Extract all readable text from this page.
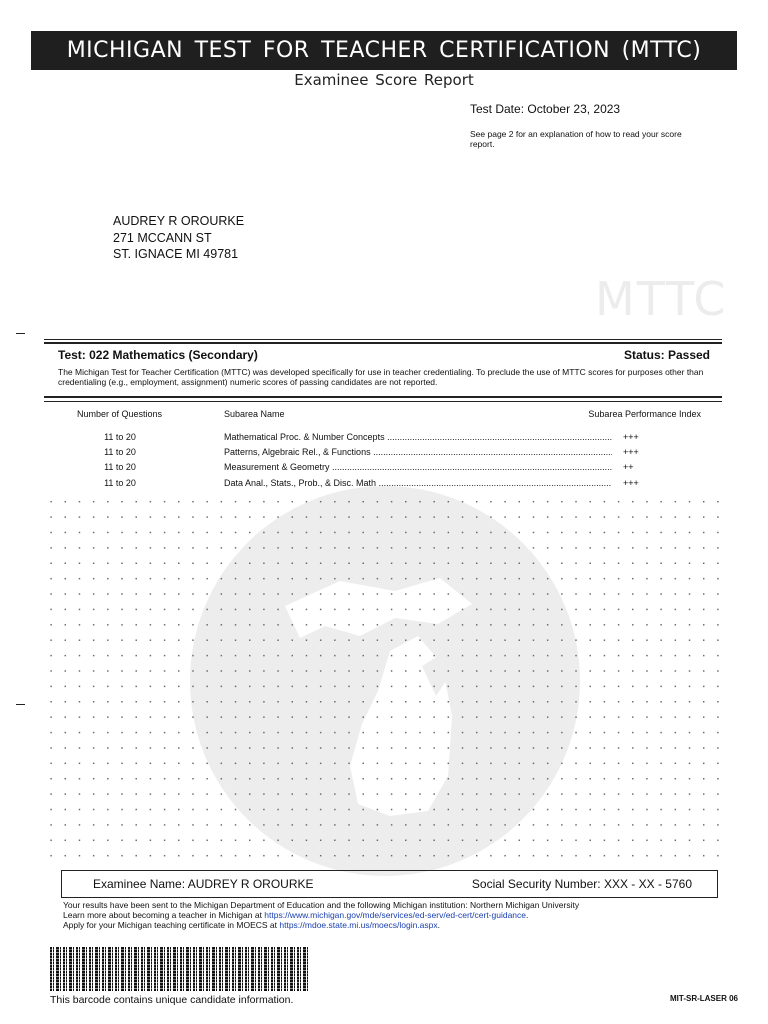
MICHIGAN TEST FOR TEACHER CERTIFICATION (MTTC)
Examinee Score Report
Test Date: October 23, 2023
See page 2 for an explanation of how to read your score report.
AUDREY R OROURKE
271 MCCANN ST
ST. IGNACE MI 49781
MTTC
Test: 022 Mathematics (Secondary)	Status: Passed
The Michigan Test for Teacher Certification (MTTC) was developed specifically for use in teacher credentialing. To preclude the use of MTTC scores for purposes other than credentialing (e.g., employment, assignment) numeric scores of passing candidates are not reported.
Number of Questions	Subarea Name	Subarea Performance Index
11 to 20	Mathematical Proc. & Number Concepts .....	+++
11 to 20	Patterns, Algebraic Rel., & Functions .....	+++
11 to 20	Measurement & Geometry .....	++
11 to 20	Data Anal., Stats., Prob., & Disc. Math .....	+++
Examinee Name: AUDREY R OROURKE	Social Security Number: XXX - XX - 5760
Your results have been sent to the Michigan Department of Education and the following Michigan institution: Northern Michigan University
Learn more about becoming a teacher in Michigan at https://www.michigan.gov/mde/services/ed-serv/ed-cert/cert-guidance.
Apply for your Michigan teaching certificate in MOECS at https://mdoe.state.mi.us/moecs/login.aspx.
This barcode contains unique candidate information.	MIT-SR-LASER 06
